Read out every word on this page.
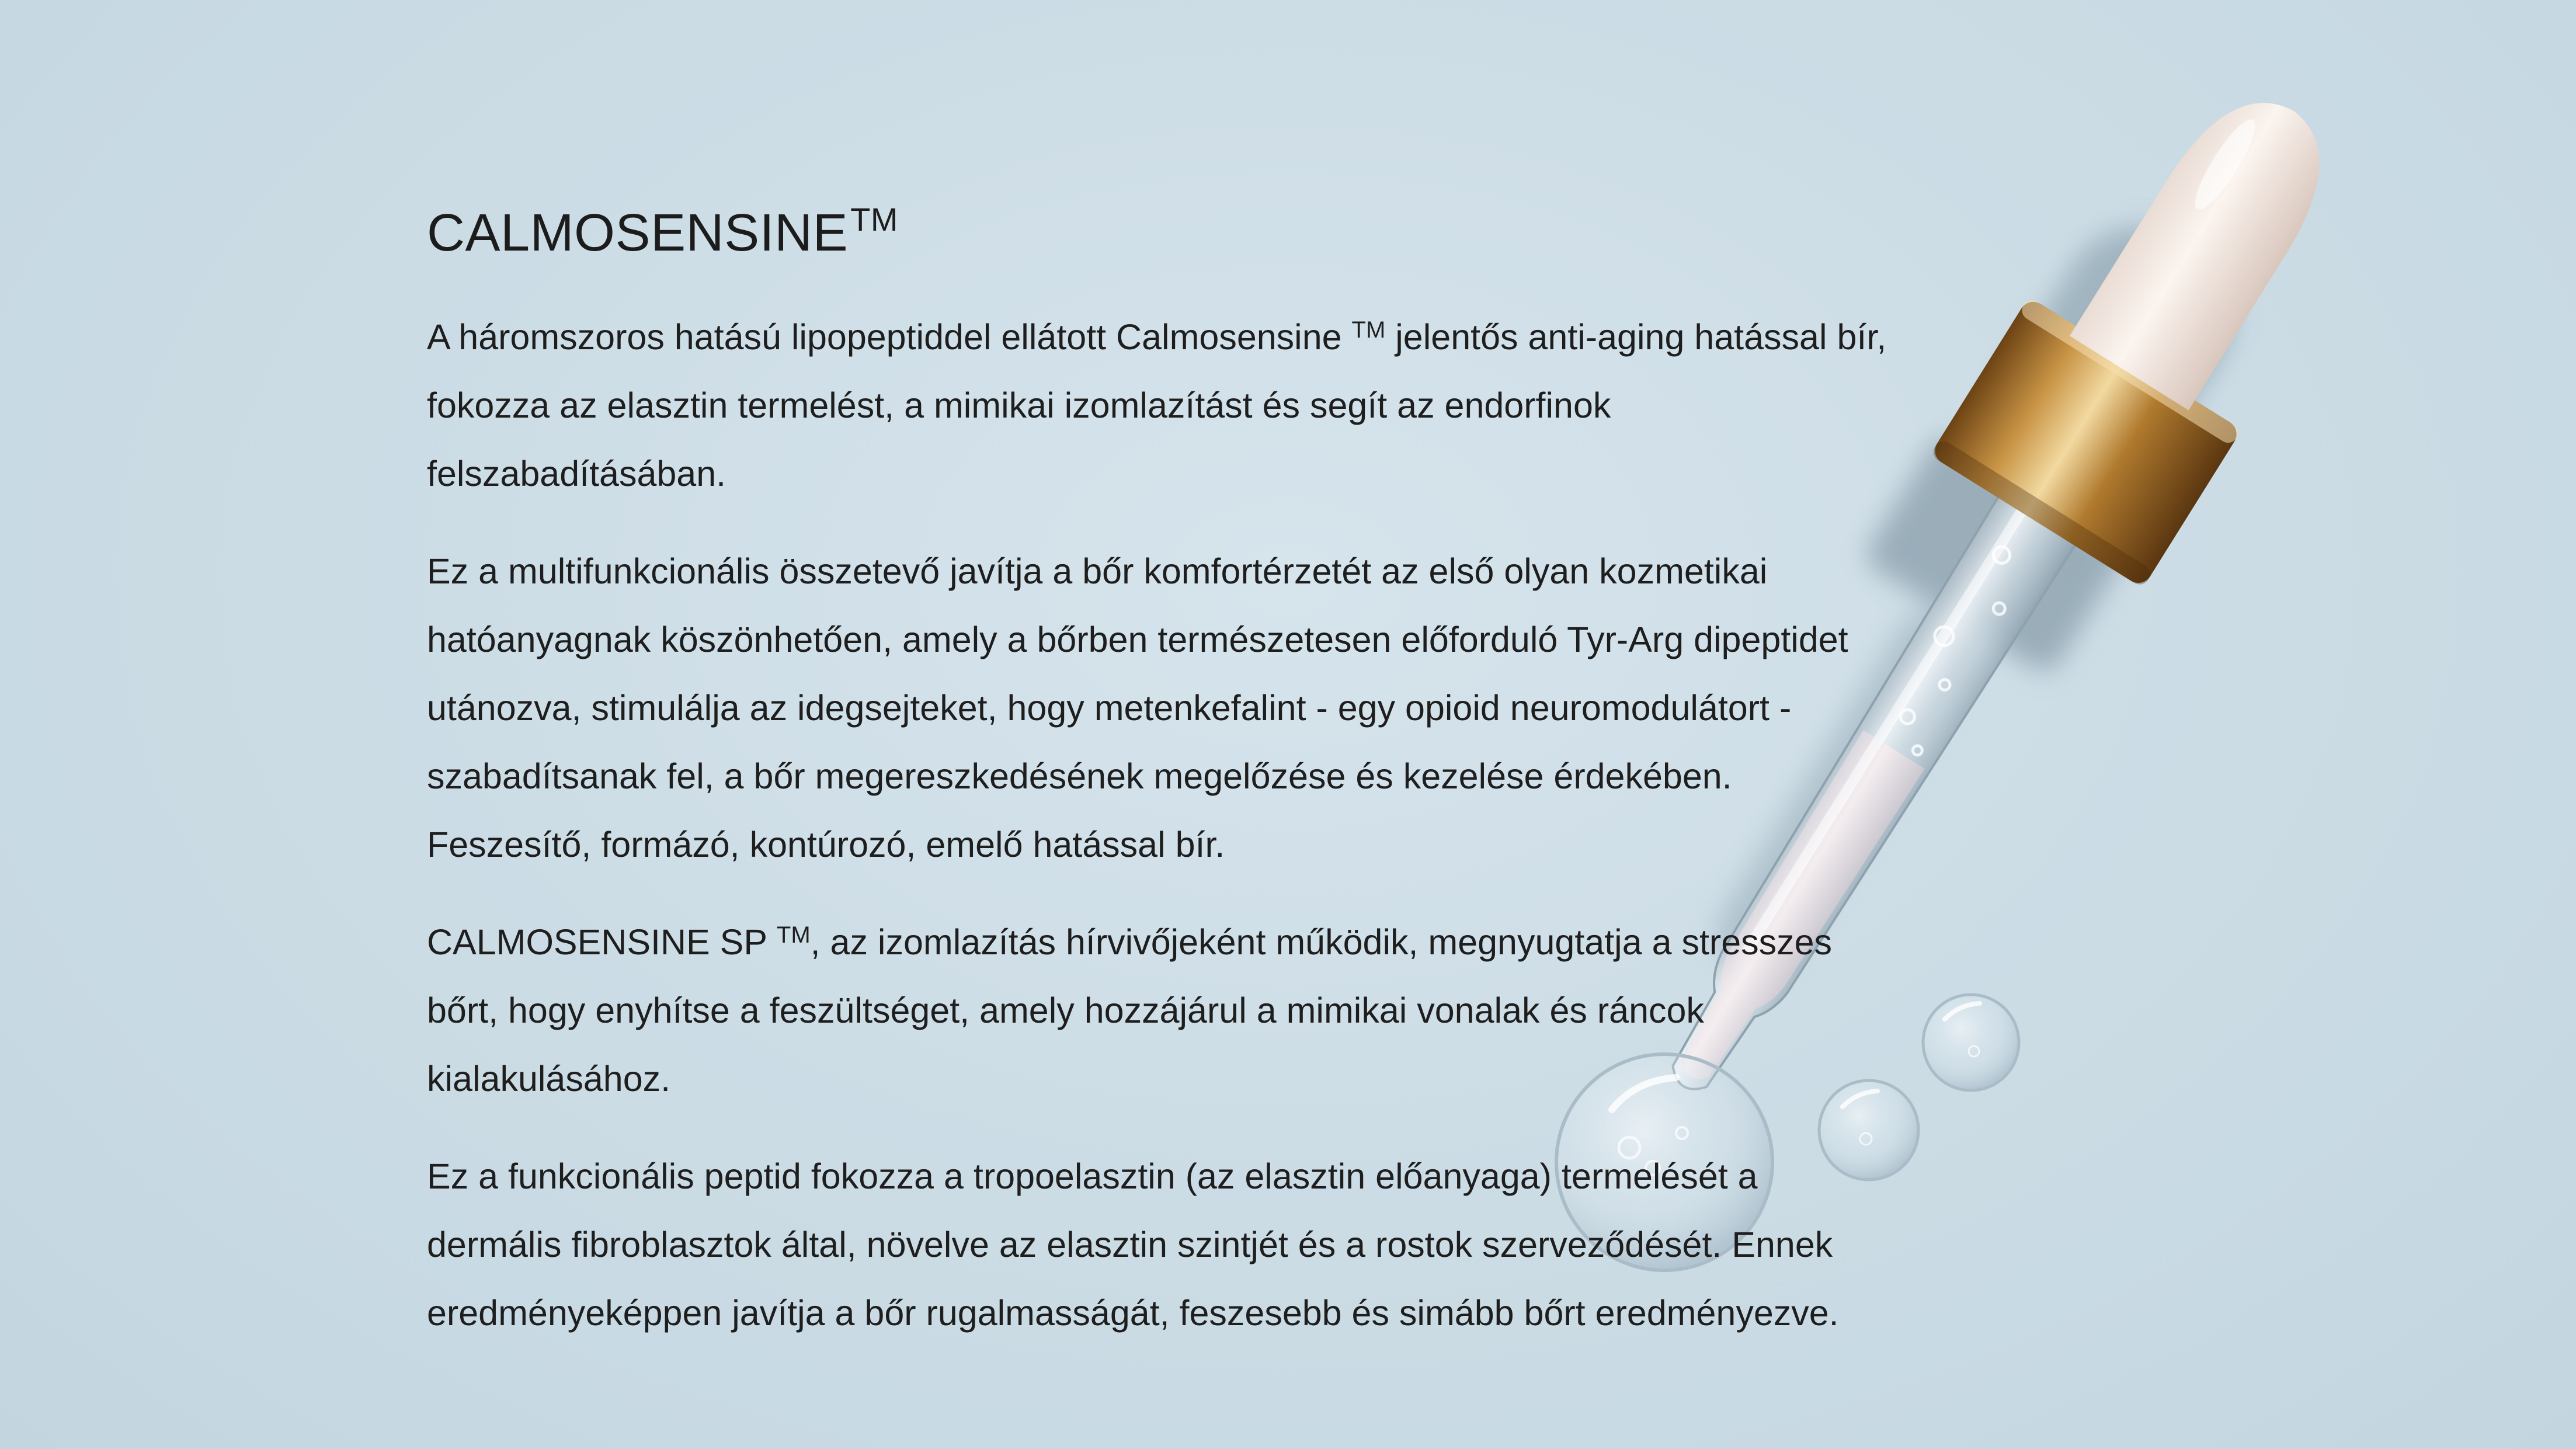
CALMOSENSINE™

A háromszoros hatású lipopeptiddel ellátott Calmosensine ™ jelentős anti-aging hatással bír, fokozza az elasztin termelést, a mimikai izomlazítást és segít az endorfinok felszabadításában.

Ez a multifunkcionális összetevő javítja a bőr komfortérzetét az első olyan kozmetikai hatóanyagnak köszönhetően, amely a bőrben természetesen előforduló Tyr-Arg dipeptidet utánozva, stimulálja az idegsejteket, hogy metenkefalint - egy opioid neuromodulátort - szabadítsanak fel, a bőr megereszkedésének megelőzése és kezelése érdekében. Feszesítő, formázó, kontúrozó, emelő hatással bír.

CALMOSENSINE SP ™, az izomlazítás hírvivőjeként működik, megnyugtatja a stresszes bőrt, hogy enyhítse a feszültséget, amely hozzájárul a mimikai vonalak és ráncok kialakulásához.

Ez a funkcionális peptid fokozza a tropoelasztin (az elasztin előanyaga) termelését a dermális fibroblasztok által, növelve az elasztin szintjét és a rostok szerveződését. Ennek eredményeképpen javítja a bőr rugalmasságát, feszesebb és simább bőrt eredményezve.
